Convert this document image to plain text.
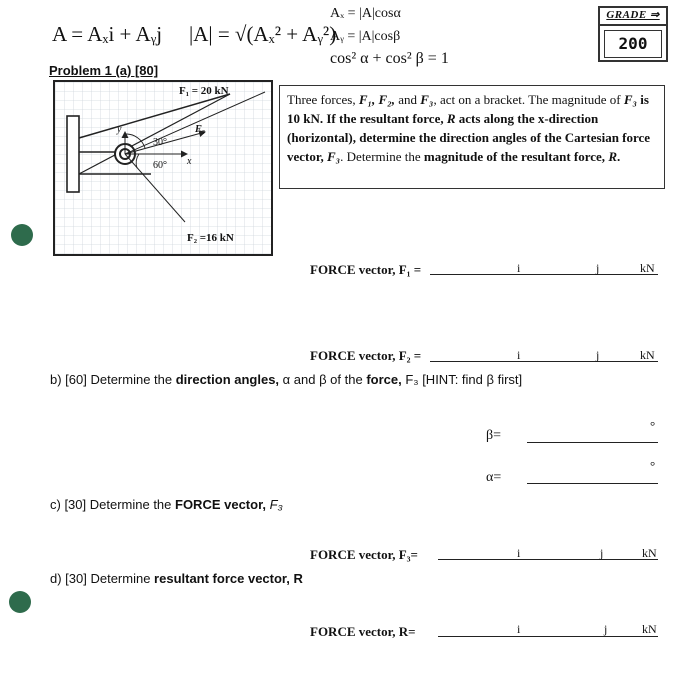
A = Aₓi + Aᵧj |A| = √(Aₓ² + Aᵧ²)
Aₓ = |A|cosα
Aᵧ = |A|cosβ
cos² α + cos² β = 1
GRADE ⇒
200
Problem 1 (a) [80]
F₁ = 20 kN
F₂ =16 kN
F₃
y
x
30°
60°
Three forces, F₁, F₂, and F₃, act on a bracket. The magnitude of F₃ is 10 kN. If the resultant force, R acts along the x-direction (horizontal), determine the direction angles of the Cartesian force vector, F₃. Determine the magnitude of the resultant force, R.
FORCE vector, F₁ =	i	j	kN
FORCE vector, F₂ =	i	j	kN
b) [60] Determine the direction angles, α and β of the force, F₃ [HINT: find β first]
β=
°
α=
°
c) [30] Determine the FORCE vector, F₃
FORCE vector, F₃=	i	j	kN
d) [30] Determine resultant force vector, R
FORCE vector, R=	i	j	kN
